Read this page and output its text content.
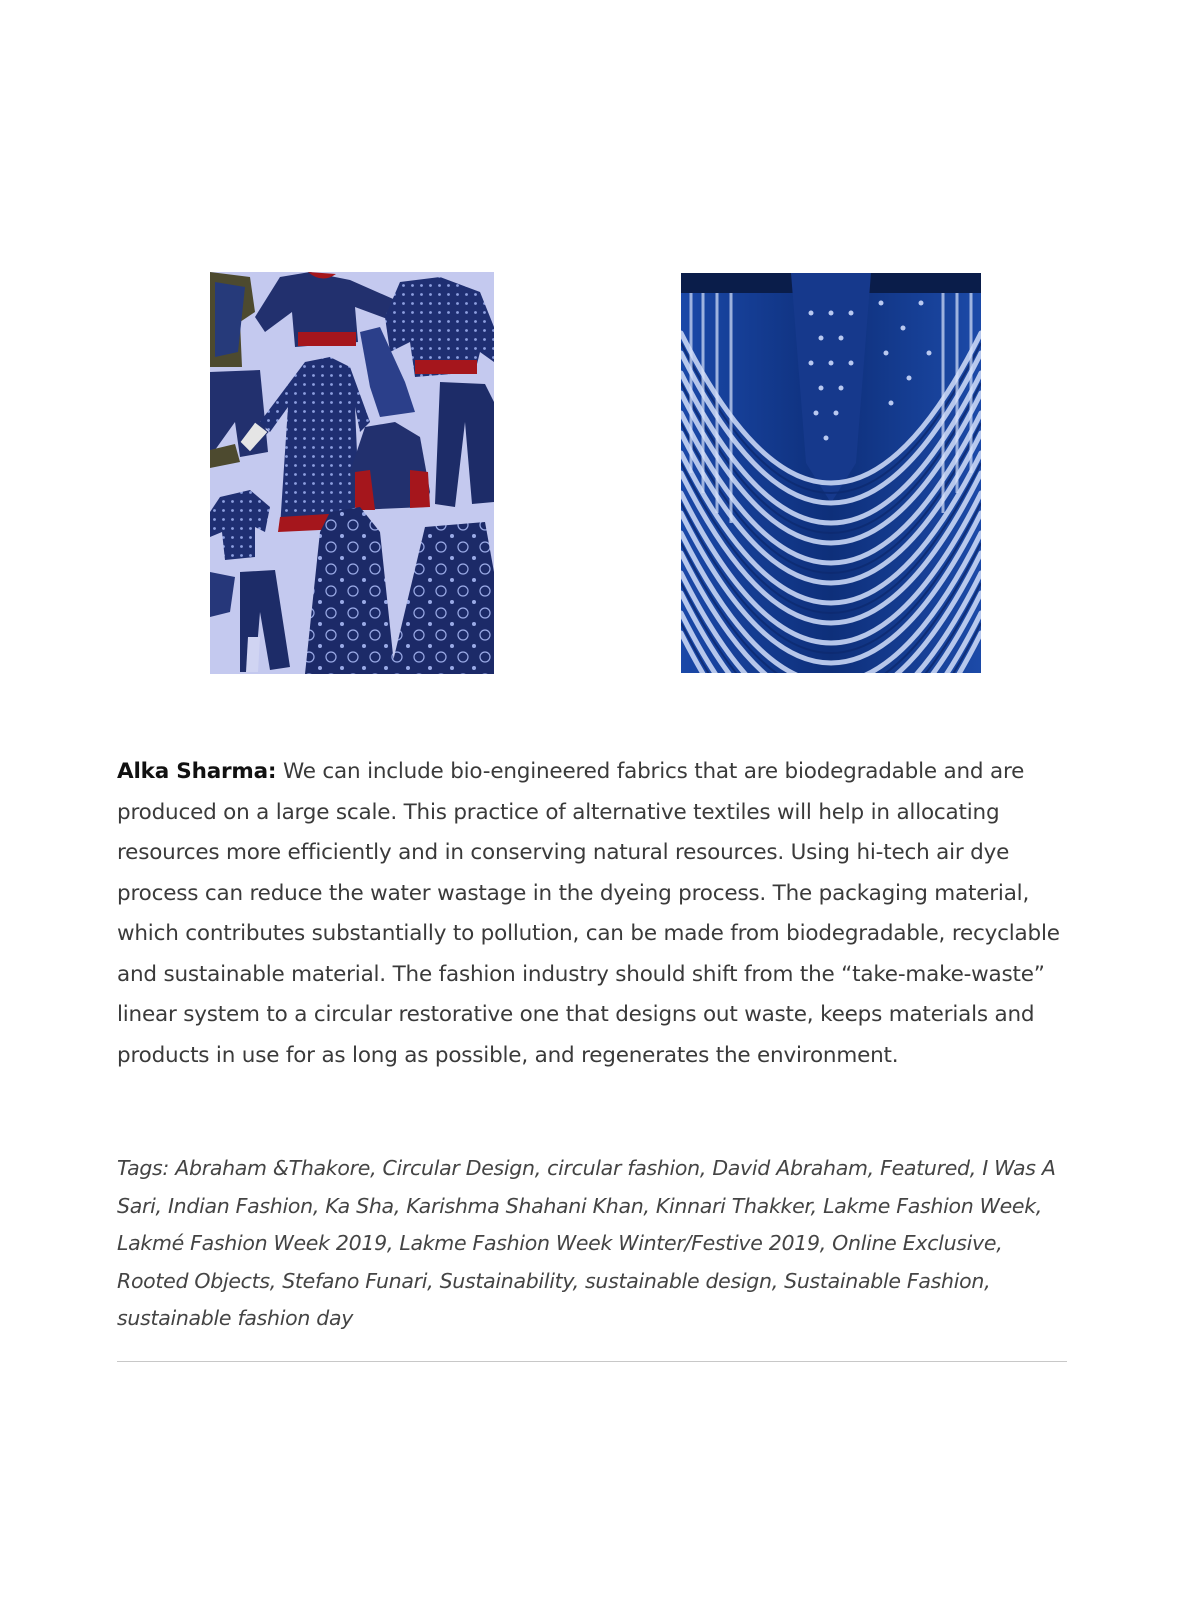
Alka Sharma: We can include bio-engineered fabrics that are biodegradable and are produced on a large scale. This practice of alternative textiles will help in allocating resources more efficiently and in conserving natural resources. Using hi-tech air dye process can reduce the water wastage in the dyeing process. The packaging material, which contributes substantially to pollution, can be made from biodegradable, recyclable and sustainable material. The fashion industry should shift from the “take-make-waste” linear system to a circular restorative one that designs out waste, keeps materials and products in use for as long as possible, and regenerates the environment.

Tags: Abraham &Thakore, Circular Design, circular fashion, David Abraham, Featured, I Was A Sari, Indian Fashion, Ka Sha, Karishma Shahani Khan, Kinnari Thakker, Lakme Fashion Week, Lakmé Fashion Week 2019, Lakme Fashion Week Winter/Festive 2019, Online Exclusive, Rooted Objects, Stefano Funari, Sustainability, sustainable design, Sustainable Fashion, sustainable fashion day
